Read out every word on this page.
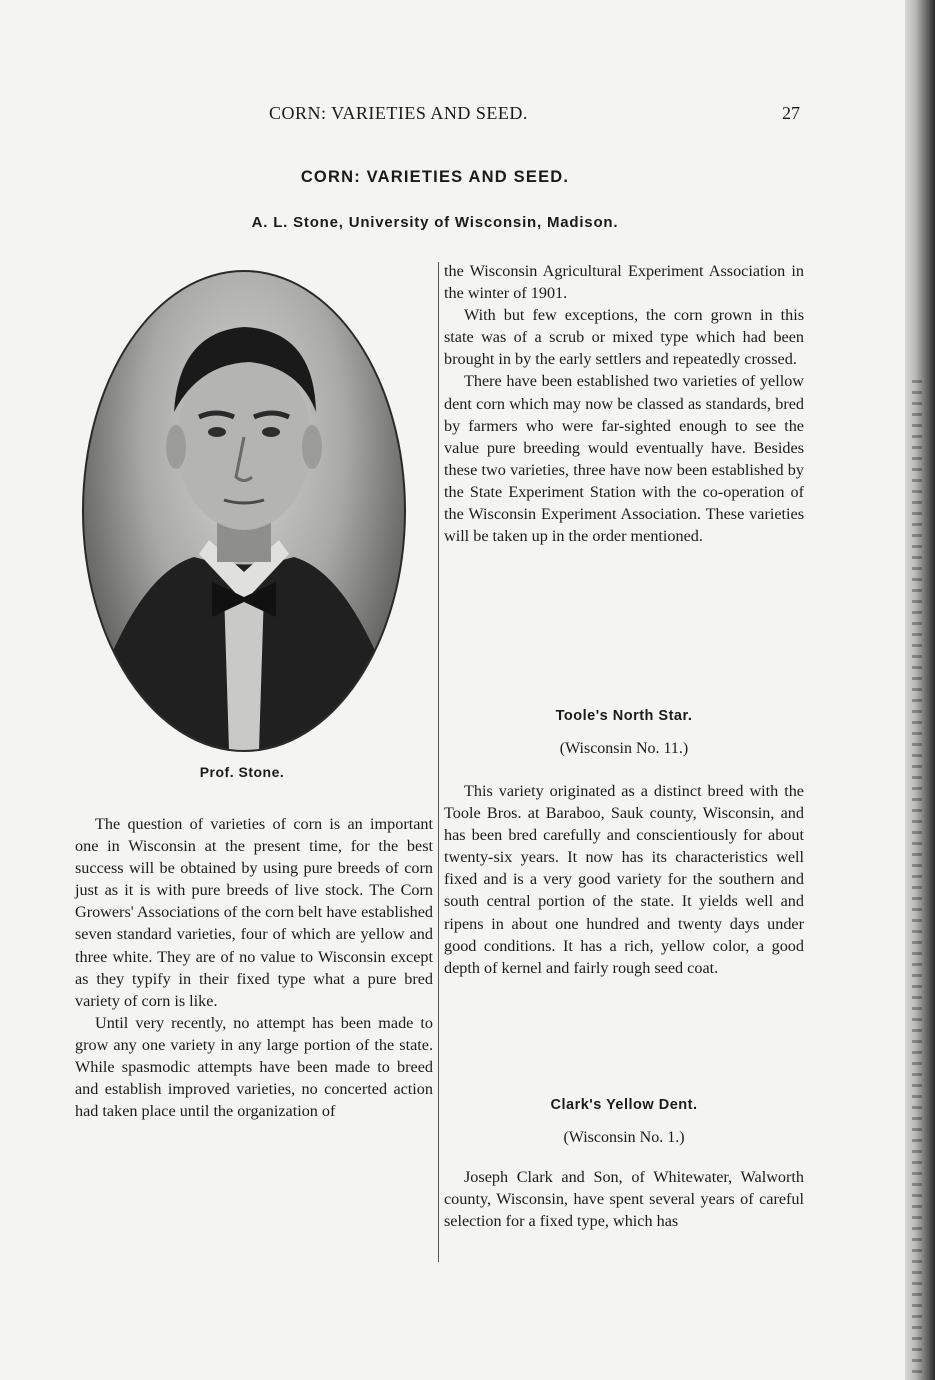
CORN: VARIETIES AND SEED.	27
CORN: VARIETIES AND SEED.
A. L. Stone, University of Wisconsin, Madison.
Prof. Stone.

The question of varieties of corn is an important one in Wisconsin at the present time, for the best success will be obtained by using pure breeds of corn just as it is with pure breeds of live stock. The Corn Growers' Associations of the corn belt have established seven standard varieties, four of which are yellow and three white. They are of no value to Wisconsin except as they typify in their fixed type what a pure bred variety of corn is like.

Until very recently, no attempt has been made to grow any one variety in any large portion of the state. While spasmodic attempts have been made to breed and establish improved varieties, no concerted action had taken place until the organization of

the Wisconsin Agricultural Experiment Association in the winter of 1901.

With but few exceptions, the corn grown in this state was of a scrub or mixed type which had been brought in by the early settlers and repeatedly crossed.

There have been established two varieties of yellow dent corn which may now be classed as standards, bred by farmers who were far-sighted enough to see the value pure breeding would eventually have. Besides these two varieties, three have now been established by the State Experiment Station with the co-operation of the Wisconsin Experiment Association. These varieties will be taken up in the order mentioned.

Toole's North Star.
(Wisconsin No. 11.)

This variety originated as a distinct breed with the Toole Bros. at Baraboo, Sauk county, Wisconsin, and has been bred carefully and conscientiously for about twenty-six years. It now has its characteristics well fixed and is a very good variety for the southern and south central portion of the state. It yields well and ripens in about one hundred and twenty days under good conditions. It has a rich, yellow color, a good depth of kernel and fairly rough seed coat.

Clark's Yellow Dent.
(Wisconsin No. 1.)

Joseph Clark and Son, of Whitewater, Walworth county, Wisconsin, have spent several years of careful selection for a fixed type, which has
